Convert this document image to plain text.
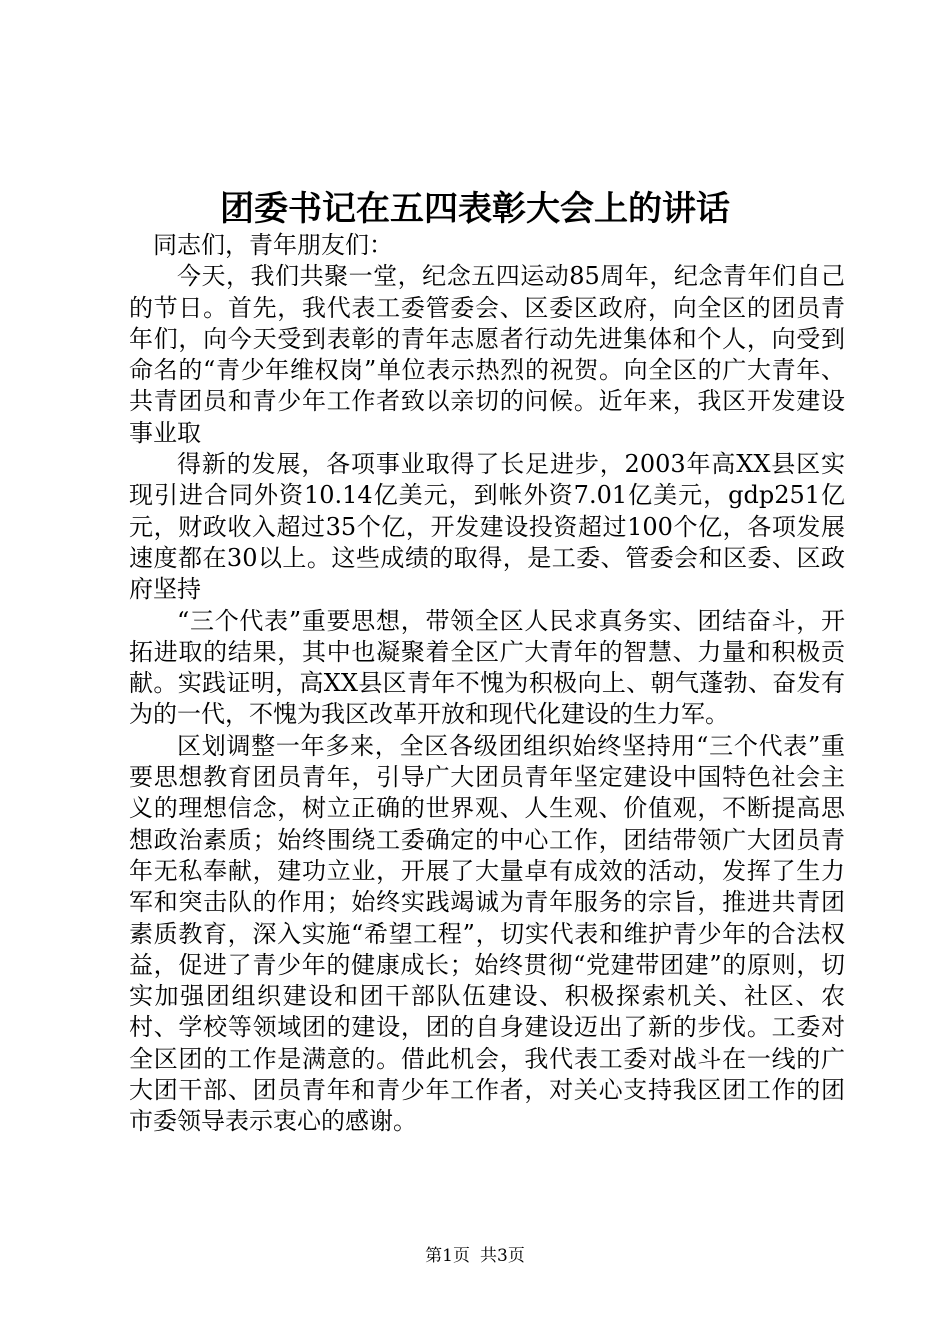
团委书记在五四表彰大会上的讲话

同志们，青年朋友们：

今天，我们共聚一堂，纪念五四运动85周年，纪念青年们自己的节日。首先，我代表工委管委会、区委区政府，向全区的团员青年们，向今天受到表彰的青年志愿者行动先进集体和个人，向受到命名的“青少年维权岗”单位表示热烈的祝贺。向全区的广大青年、共青团员和青少年工作者致以亲切的问候。近年来，我区开发建设事业取

得新的发展，各项事业取得了长足进步，2003年高XX县区实现引进合同外资10.14亿美元，到帐外资7.01亿美元，gdp251亿元，财政收入超过35个亿，开发建设投资超过100个亿，各项发展速度都在30以上。这些成绩的取得，是工委、管委会和区委、区政府坚持

“三个代表”重要思想，带领全区人民求真务实、团结奋斗，开拓进取的结果，其中也凝聚着全区广大青年的智慧、力量和积极贡献。实践证明，高XX县区青年不愧为积极向上、朝气蓬勃、奋发有为的一代，不愧为我区改革开放和现代化建设的生力军。

区划调整一年多来，全区各级团组织始终坚持用“三个代表”重要思想教育团员青年，引导广大团员青年坚定建设中国特色社会主义的理想信念，树立正确的世界观、人生观、价值观，不断提高思想政治素质；始终围绕工委确定的中心工作，团结带领广大团员青年无私奉献，建功立业，开展了大量卓有成效的活动，发挥了生力军和突击队的作用；始终实践竭诚为青年服务的宗旨，推进共青团素质教育，深入实施“希望工程”，切实代表和维护青少年的合法权益，促进了青少年的健康成长；始终贯彻“党建带团建”的原则，切实加强团组织建设和团干部队伍建设、积极探索机关、社区、农村、学校等领域团的建设，团的自身建设迈出了新的步伐。工委对全区团的工作是满意的。借此机会，我代表工委对战斗在一线的广大团干部、团员青年和青少年工作者，对关心支持我区团工作的团市委领导表示衷心的感谢。

第1页 共3页
